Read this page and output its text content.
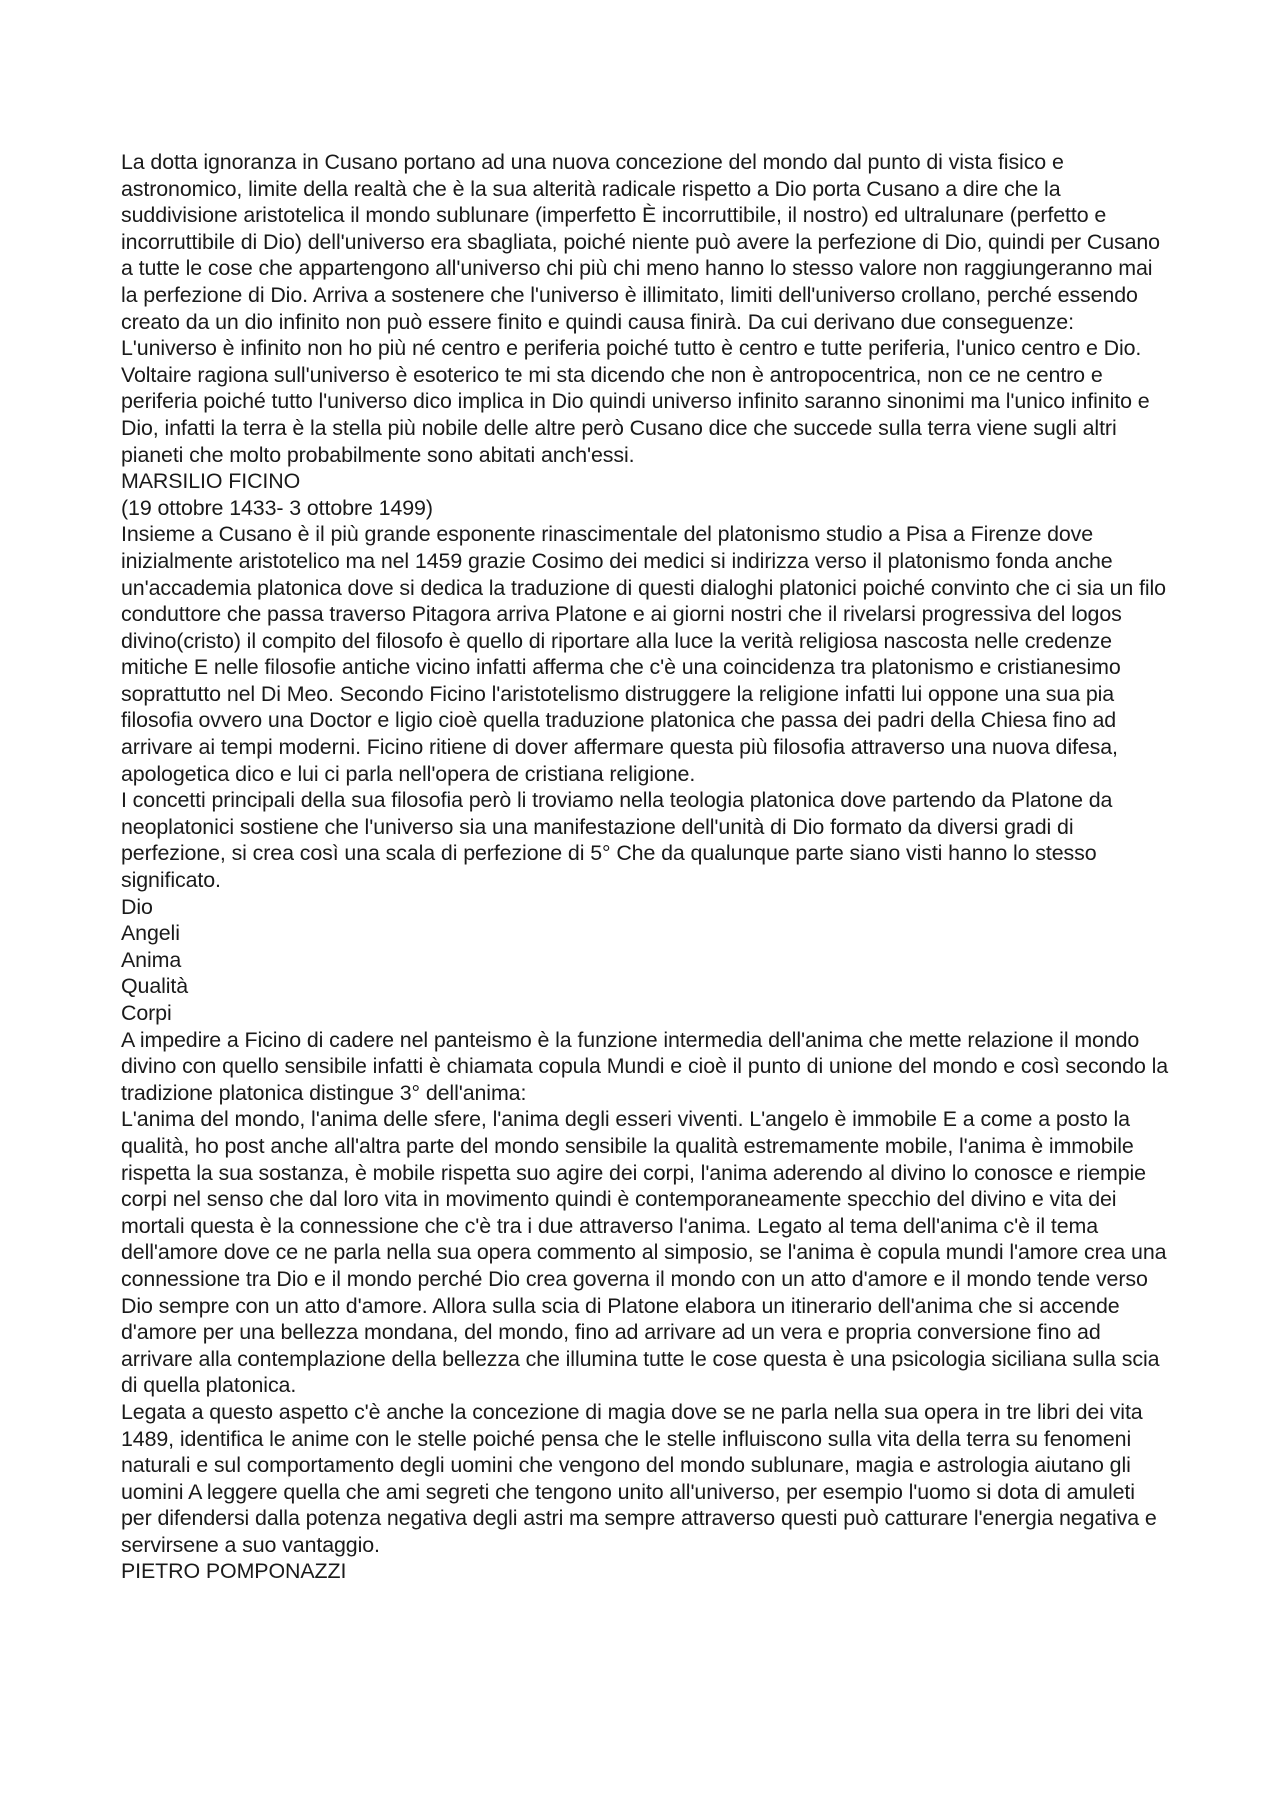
La dotta ignoranza in Cusano portano ad una nuova concezione del mondo dal punto di vista fisico e astronomico, limite della realtà che è la sua alterità radicale rispetto a Dio porta Cusano a dire che la suddivisione aristotelica il mondo sublunare (imperfetto È incorruttibile, il nostro) ed ultralunare (perfetto e incorruttibile di Dio) dell'universo era sbagliata, poiché niente può avere la perfezione di Dio, quindi per Cusano a tutte le cose che appartengono all'universo chi più chi meno hanno lo stesso valore non raggiungeranno mai la perfezione di Dio. Arriva a sostenere che l'universo è illimitato, limiti dell'universo crollano, perché essendo creato da un dio infinito non può essere finito e quindi causa finirà. Da cui derivano due conseguenze: L'universo è infinito non ho più né centro e periferia poiché tutto è centro e tutte periferia, l'unico centro e Dio.

Voltaire ragiona sull'universo è esoterico te mi sta dicendo che non è antropocentrica, non ce ne centro e periferia poiché tutto l'universo dico implica in Dio quindi universo infinito saranno sinonimi ma l'unico infinito e Dio, infatti la terra è la stella più nobile delle altre però Cusano dice che succede sulla terra viene sugli altri pianeti che molto probabilmente sono abitati anch'essi.

MARSILIO FICINO

(19 ottobre 1433- 3 ottobre 1499)

Insieme a Cusano è il più grande esponente rinascimentale del platonismo studio a Pisa a Firenze dove inizialmente aristotelico ma nel 1459 grazie Cosimo dei medici si indirizza verso il platonismo fonda anche un'accademia platonica dove si dedica la traduzione di questi dialoghi platonici poiché convinto che ci sia un filo conduttore che passa traverso Pitagora arriva Platone e ai giorni nostri che il rivelarsi progressiva del logos divino(cristo) il compito del filosofo è quello di riportare alla luce la verità religiosa nascosta nelle credenze mitiche E nelle filosofie antiche vicino infatti afferma che c'è una coincidenza tra platonismo e cristianesimo soprattutto nel Di Meo. Secondo Ficino l'aristotelismo distruggere la religione infatti lui oppone una sua pia filosofia ovvero una Doctor e ligio cioè quella traduzione platonica che passa dei padri della Chiesa fino ad arrivare ai tempi moderni. Ficino ritiene di dover affermare questa più filosofia attraverso una nuova difesa, apologetica dico e lui ci parla nell'opera de cristiana religione.

I concetti principali della sua filosofia però li troviamo nella teologia platonica dove partendo da Platone da neoplatonici sostiene che l'universo sia una manifestazione dell'unità di Dio formato da diversi gradi di perfezione, si crea così una scala di perfezione di 5° Che da qualunque parte siano visti hanno lo stesso significato.

Dio

Angeli

Anima

Qualità

Corpi

A impedire a Ficino di cadere nel panteismo è la funzione intermedia dell'anima che mette relazione il mondo divino con quello sensibile infatti è chiamata copula Mundi e cioè il punto di unione del mondo e così secondo la tradizione platonica distingue 3° dell'anima:

L'anima del mondo, l'anima delle sfere, l'anima degli esseri viventi. L'angelo è immobile E a come a posto la qualità, ho post anche all'altra parte del mondo sensibile la qualità estremamente mobile, l'anima è immobile rispetta la sua sostanza, è mobile rispetta suo agire dei corpi, l'anima aderendo al divino lo conosce e riempie corpi nel senso che dal loro vita in movimento quindi è contemporaneamente specchio del divino e vita dei mortali questa è la connessione che c'è tra i due attraverso l'anima. Legato al tema dell'anima c'è il tema dell'amore dove ce ne parla nella sua opera commento al simposio, se l'anima è copula mundi l'amore crea una connessione tra Dio e il mondo perché Dio crea governa il mondo con un atto d'amore e il mondo tende verso Dio sempre con un atto d'amore. Allora sulla scia di Platone elabora un itinerario dell'anima che si accende d'amore per una bellezza mondana, del mondo, fino ad arrivare ad un vera e propria conversione fino ad arrivare alla contemplazione della bellezza che illumina tutte le cose questa è una psicologia siciliana sulla scia di quella platonica.

Legata a questo aspetto c'è anche la concezione di magia dove se ne parla nella sua opera in tre libri dei vita 1489, identifica le anime con le stelle poiché pensa che le stelle influiscono sulla vita della terra su fenomeni naturali e sul comportamento degli uomini che vengono del mondo sublunare, magia e astrologia aiutano gli uomini A leggere quella che ami segreti che tengono unito all'universo, per esempio l'uomo si dota di amuleti per difendersi dalla potenza negativa degli astri ma sempre attraverso questi può catturare l'energia negativa e servirsene a suo vantaggio.

PIETRO POMPONAZZI
